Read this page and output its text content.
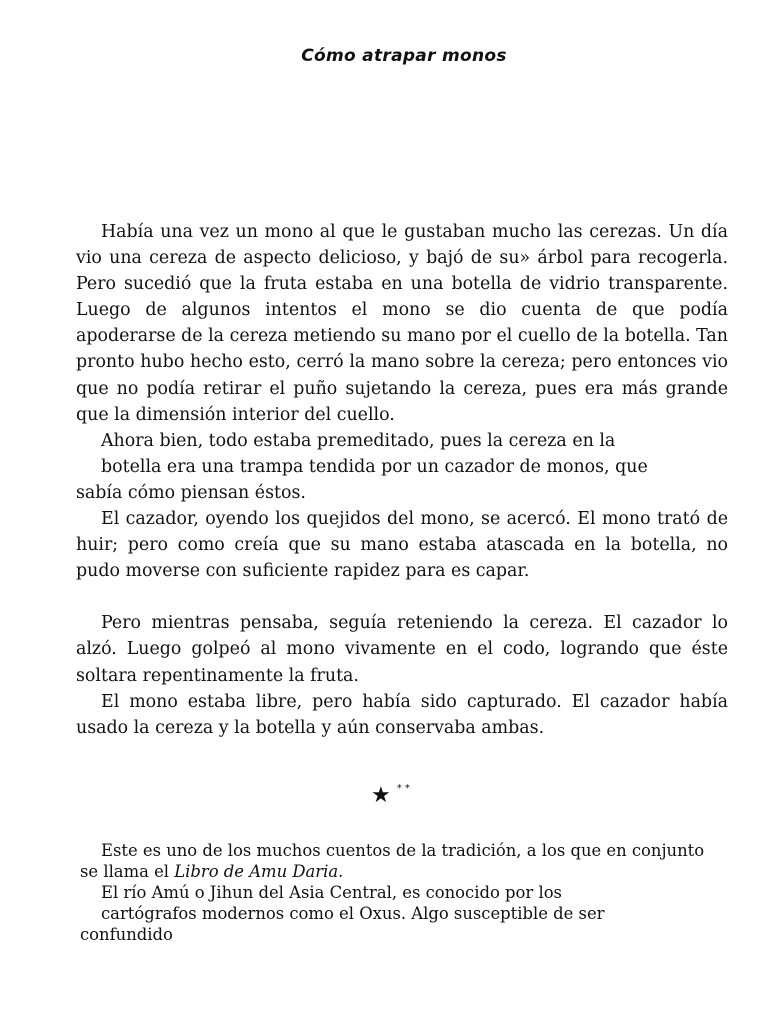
Cómo atrapar monos

Había una vez un mono al que le gustaban mucho las cerezas. Un día vio una cereza de aspecto delicioso, y bajó de su» árbol para recogerla. Pero sucedió que la fruta estaba en una botella de vidrio transparente. Luego de algunos intentos el mono se dio cuenta de que podía apoderarse de la cereza metiendo su mano por el cuello de la botella. Tan pronto hubo hecho esto, cerró la mano sobre la cereza; pero entonces vio que no podía retirar el puño sujetando la cereza, pues era más grande que la dimensión interior del cuello.

Ahora bien, todo estaba premeditado, pues la cereza en la

botella era una trampa tendida por un cazador de monos, que

sabía cómo piensan éstos.

El cazador, oyendo los quejidos del mono, se acercó. El mono trató de huir; pero como creía que su mano estaba atascada en la botella, no pudo moverse con suficiente rapidez para es capar.

Pero mientras pensaba, seguía reteniendo la cereza. El cazador lo alzó. Luego golpeó al mono vivamente en el codo, logrando que éste soltara repentinamente la fruta.

El mono estaba libre, pero había sido capturado. El cazador había usado la cereza y la botella y aún conservaba ambas.

★ * *

Este es uno de los muchos cuentos de la tradición, a los que en conjunto se llama el Libro de Amu Daria.

El río Amú o Jihun del Asia Central, es conocido por los

cartógrafos modernos como el Oxus. Algo susceptible de ser

confundido
